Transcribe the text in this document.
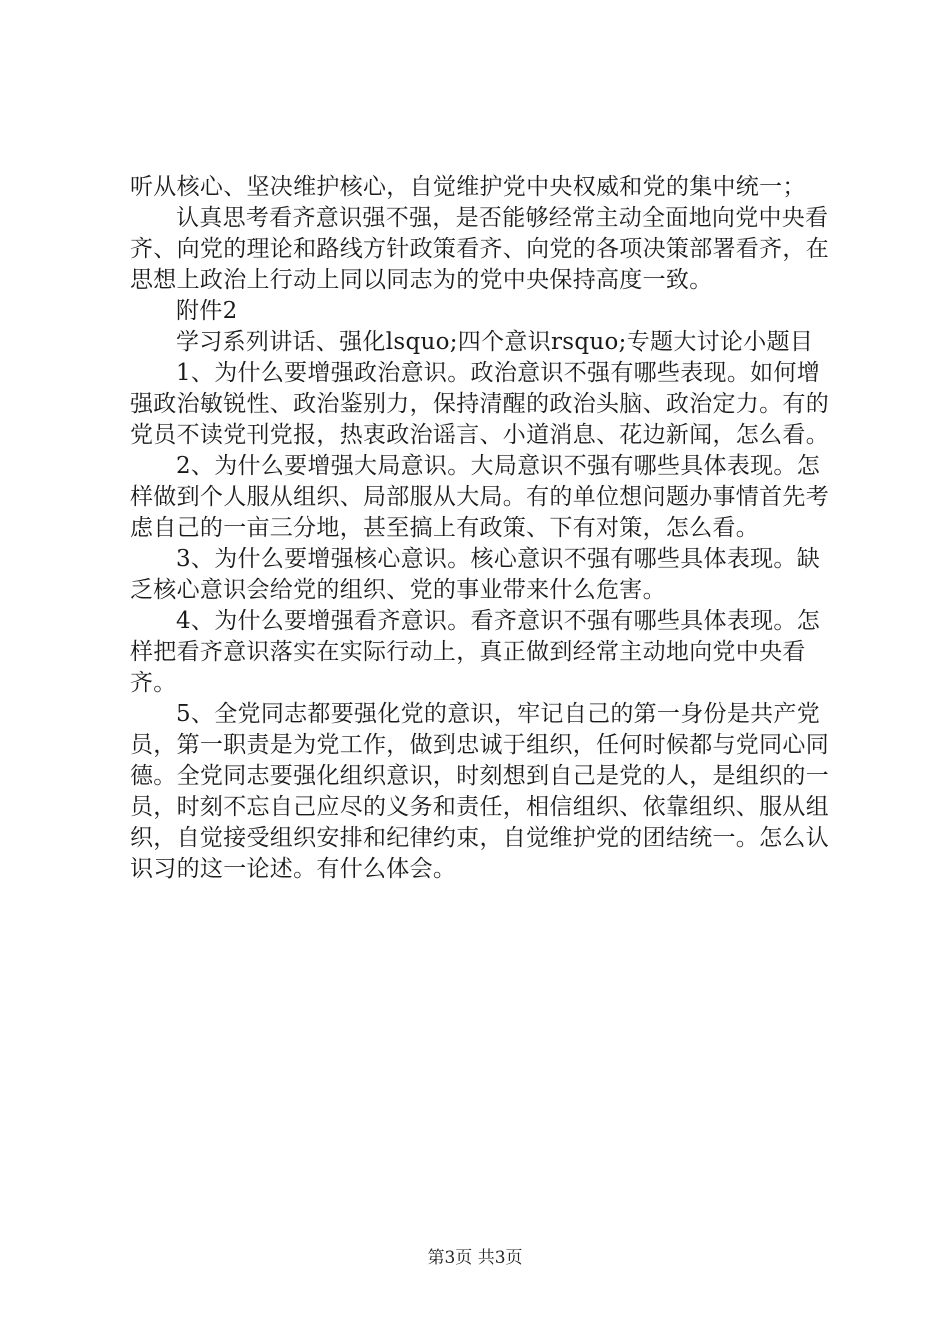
听从核心、坚决维护核心，自觉维护党中央权威和党的集中统一；

认真思考看齐意识强不强，是否能够经常主动全面地向党中央看齐、向党的理论和路线方针政策看齐、向党的各项决策部署看齐，在思想上政治上行动上同以同志为的党中央保持高度一致。

附件2

学习系列讲话、强化lsquo;四个意识rsquo;专题大讨论小题目

1、为什么要增强政治意识。政治意识不强有哪些表现。如何增强政治敏锐性、政治鉴别力，保持清醒的政治头脑、政治定力。有的党员不读党刊党报，热衷政治谣言、小道消息、花边新闻，怎么看。

2、为什么要增强大局意识。大局意识不强有哪些具体表现。怎样做到个人服从组织、局部服从大局。有的单位想问题办事情首先考虑自己的一亩三分地，甚至搞上有政策、下有对策，怎么看。

3、为什么要增强核心意识。核心意识不强有哪些具体表现。缺乏核心意识会给党的组织、党的事业带来什么危害。

4、为什么要增强看齐意识。看齐意识不强有哪些具体表现。怎样把看齐意识落实在实际行动上，真正做到经常主动地向党中央看齐。

5、全党同志都要强化党的意识，牢记自己的第一身份是共产党员，第一职责是为党工作，做到忠诚于组织，任何时候都与党同心同德。全党同志要强化组织意识，时刻想到自己是党的人，是组织的一员，时刻不忘自己应尽的义务和责任，相信组织、依靠组织、服从组织，自觉接受组织安排和纪律约束，自觉维护党的团结统一。怎么认识习的这一论述。有什么体会。

第3页 共3页
